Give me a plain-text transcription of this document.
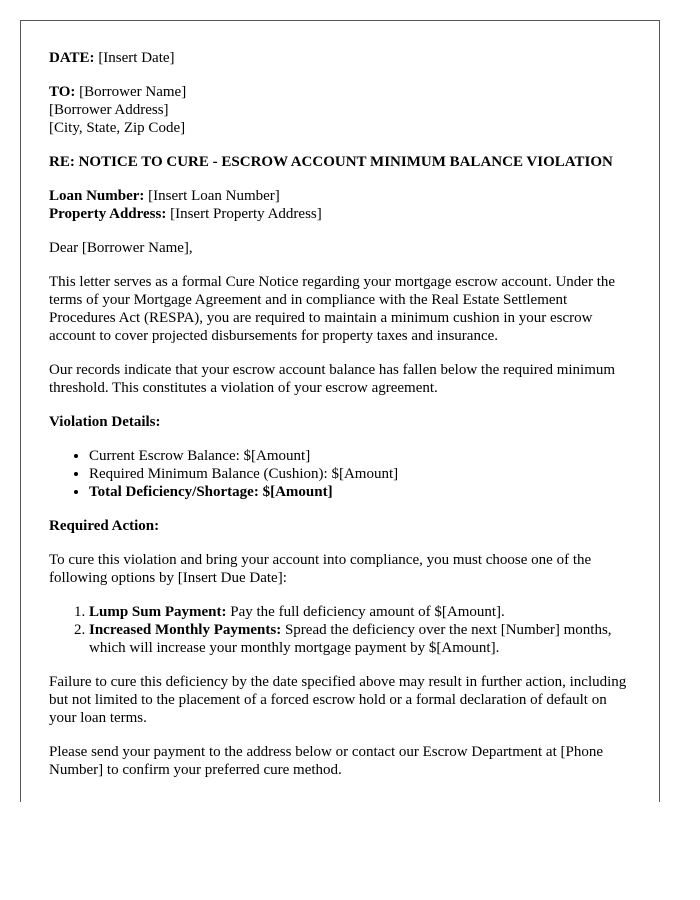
DATE: [Insert Date]

TO: [Borrower Name]
[Borrower Address]
[City, State, Zip Code]

RE: NOTICE TO CURE - ESCROW ACCOUNT MINIMUM BALANCE VIOLATION

Loan Number: [Insert Loan Number]
Property Address: [Insert Property Address]

Dear [Borrower Name],

This letter serves as a formal Cure Notice regarding your mortgage escrow account. Under the terms of your Mortgage Agreement and in compliance with the Real Estate Settlement Procedures Act (RESPA), you are required to maintain a minimum cushion in your escrow account to cover projected disbursements for property taxes and insurance.

Our records indicate that your escrow account balance has fallen below the required minimum threshold. This constitutes a violation of your escrow agreement.

Violation Details:

• Current Escrow Balance: $[Amount]
• Required Minimum Balance (Cushion): $[Amount]
• Total Deficiency/Shortage: $[Amount]

Required Action:

To cure this violation and bring your account into compliance, you must choose one of the following options by [Insert Due Date]:

1. Lump Sum Payment: Pay the full deficiency amount of $[Amount].
2. Increased Monthly Payments: Spread the deficiency over the next [Number] months, which will increase your monthly mortgage payment by $[Amount].

Failure to cure this deficiency by the date specified above may result in further action, including but not limited to the placement of a forced escrow hold or a formal declaration of default on your loan terms.

Please send your payment to the address below or contact our Escrow Department at [Phone Number] to confirm your preferred cure method.
